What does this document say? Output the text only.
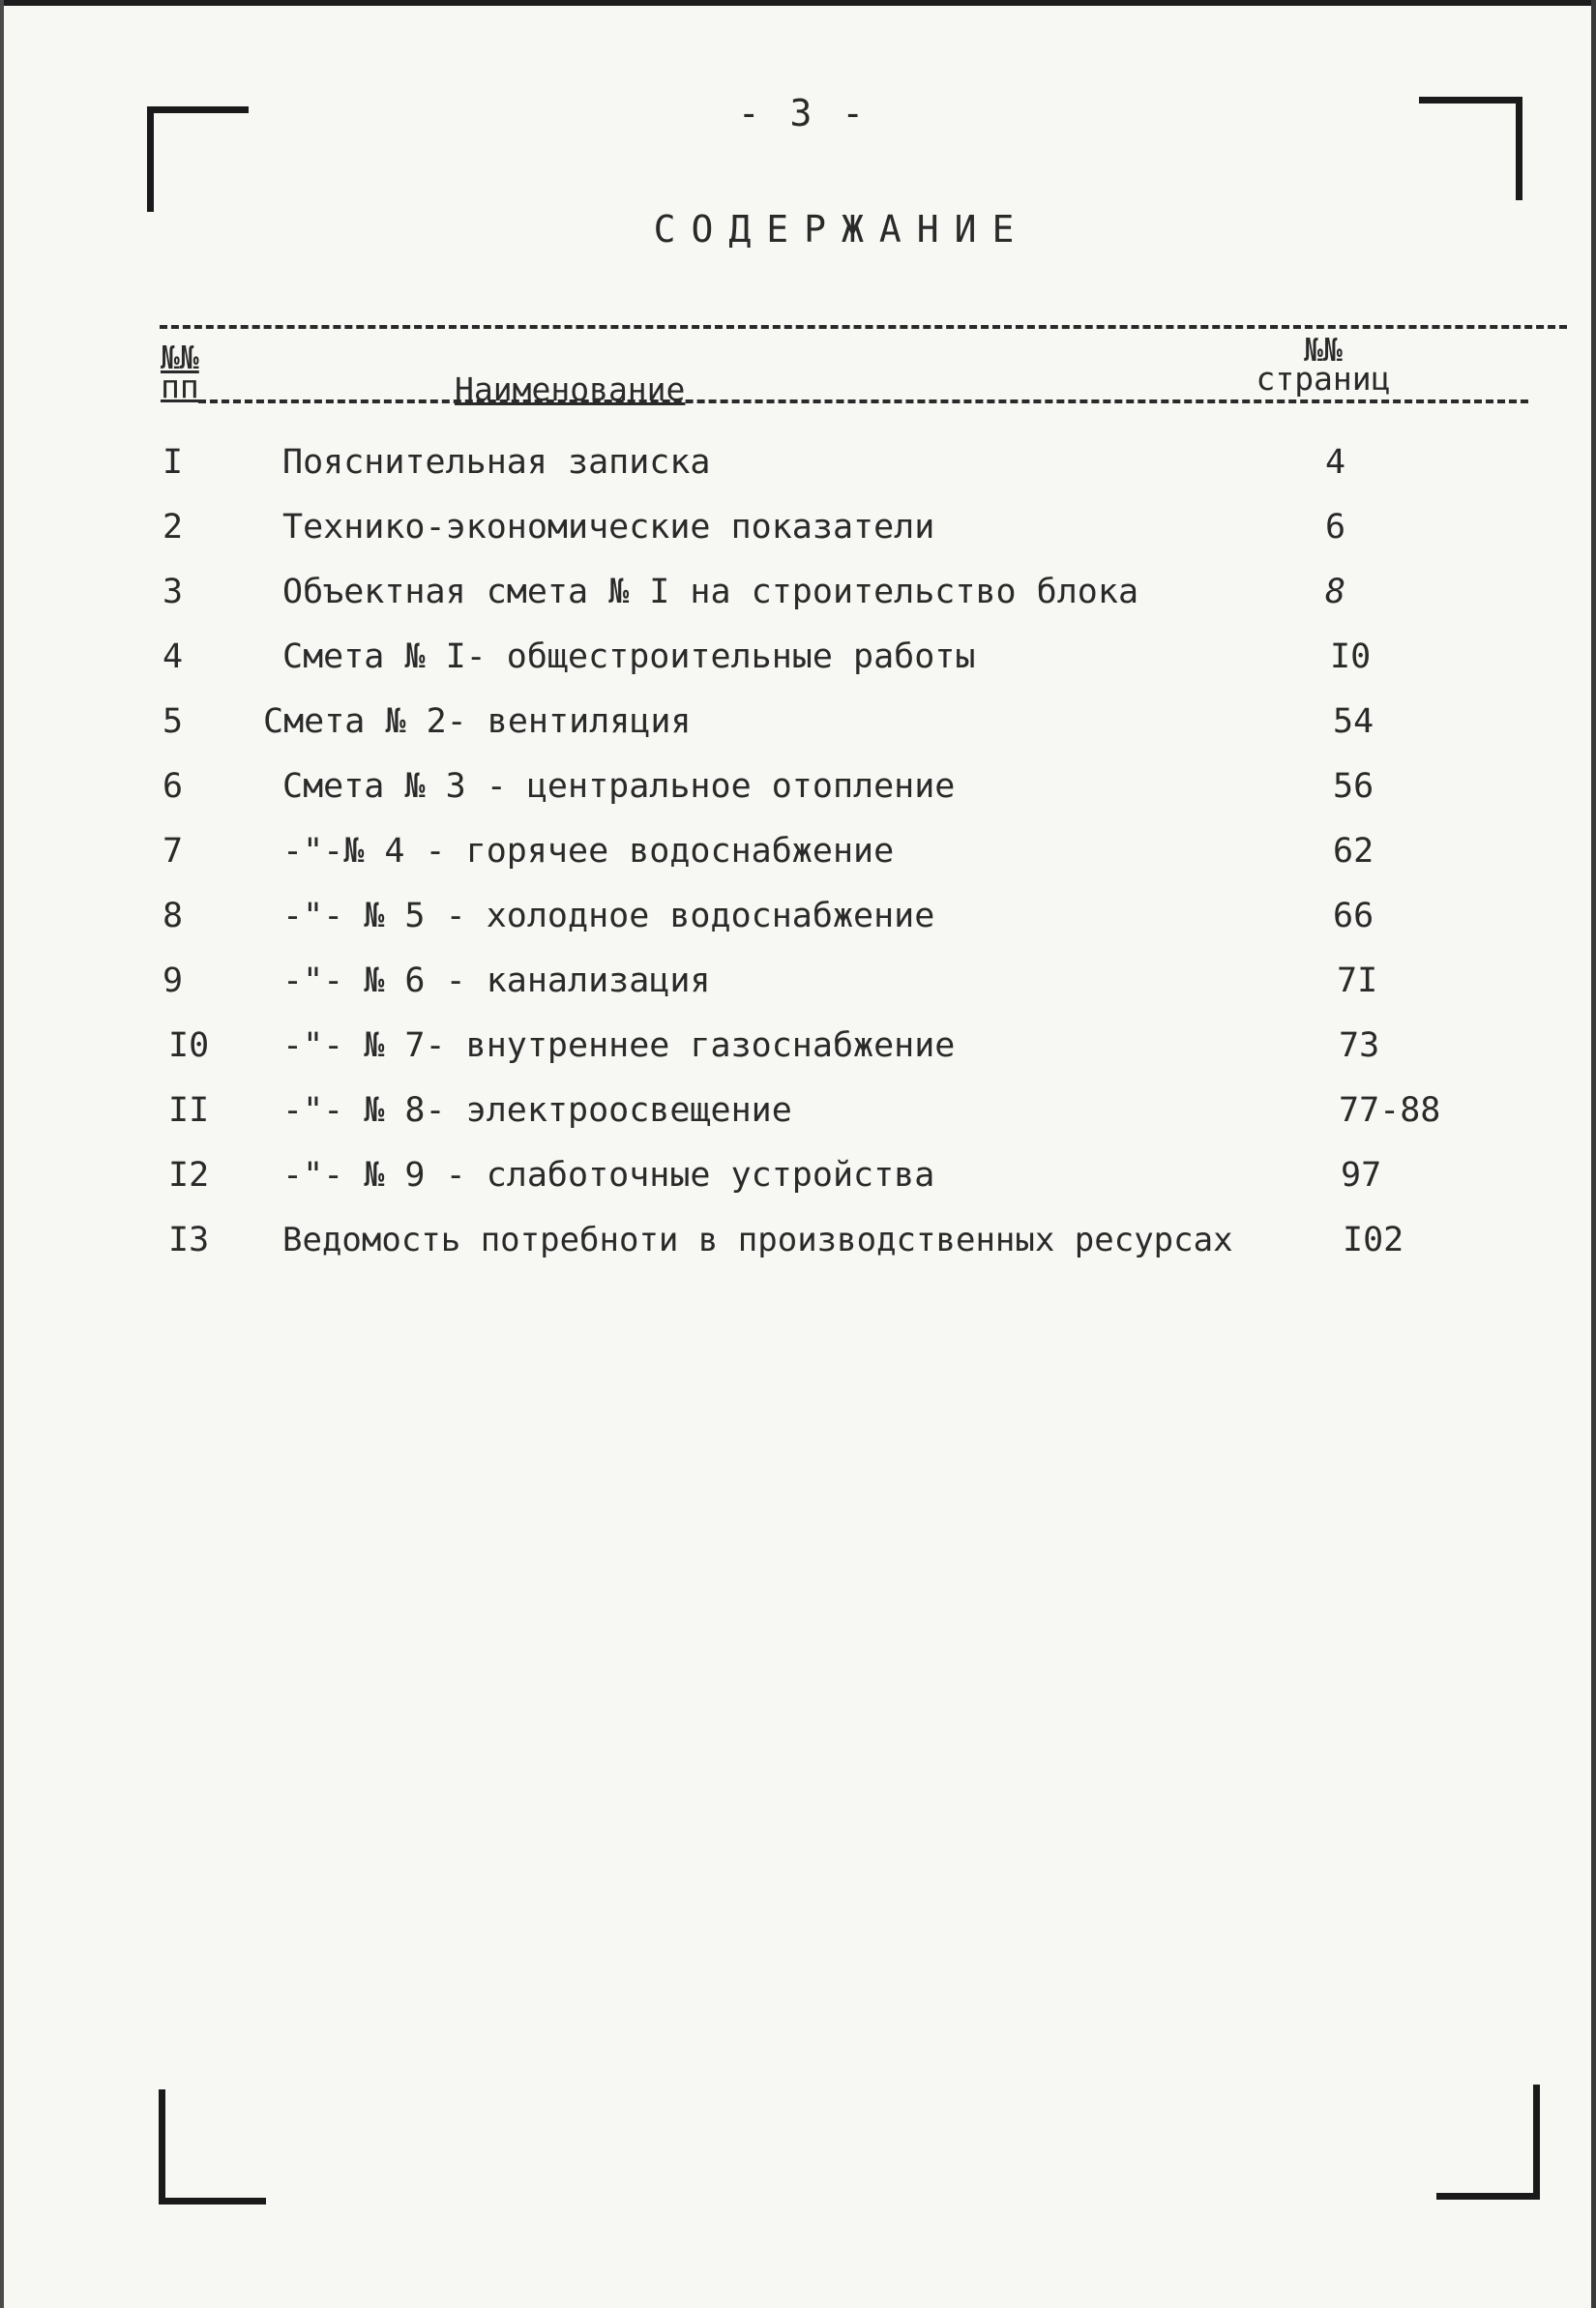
- 3 -
СОДЕРЖАНИЕ
№№ пп	Наименование
№№ страниц
I	Пояснительная записка	4
2	Технико-экономические показатели	6
3	Объектная смета № I на строительство блока	8
4	Смета № I- общестроительные работы	I0
5 Смета № 2- вентиляция	54
6	Смета № 3 - центральное отопление	56
7	-"-№ 4 - горячее водоснабжение	62
8	-"- № 5 - холодное водоснабжение	66
9	-"- № 6 - канализация	7I
I0 -"- № 7- внутреннее газоснабжение	73
II -"- № 8- электроосвещение	77-88
I2 -"- № 9 - слаботочные устройства	97
I3 Ведомость потребноти в производственных ресурсах	I02
